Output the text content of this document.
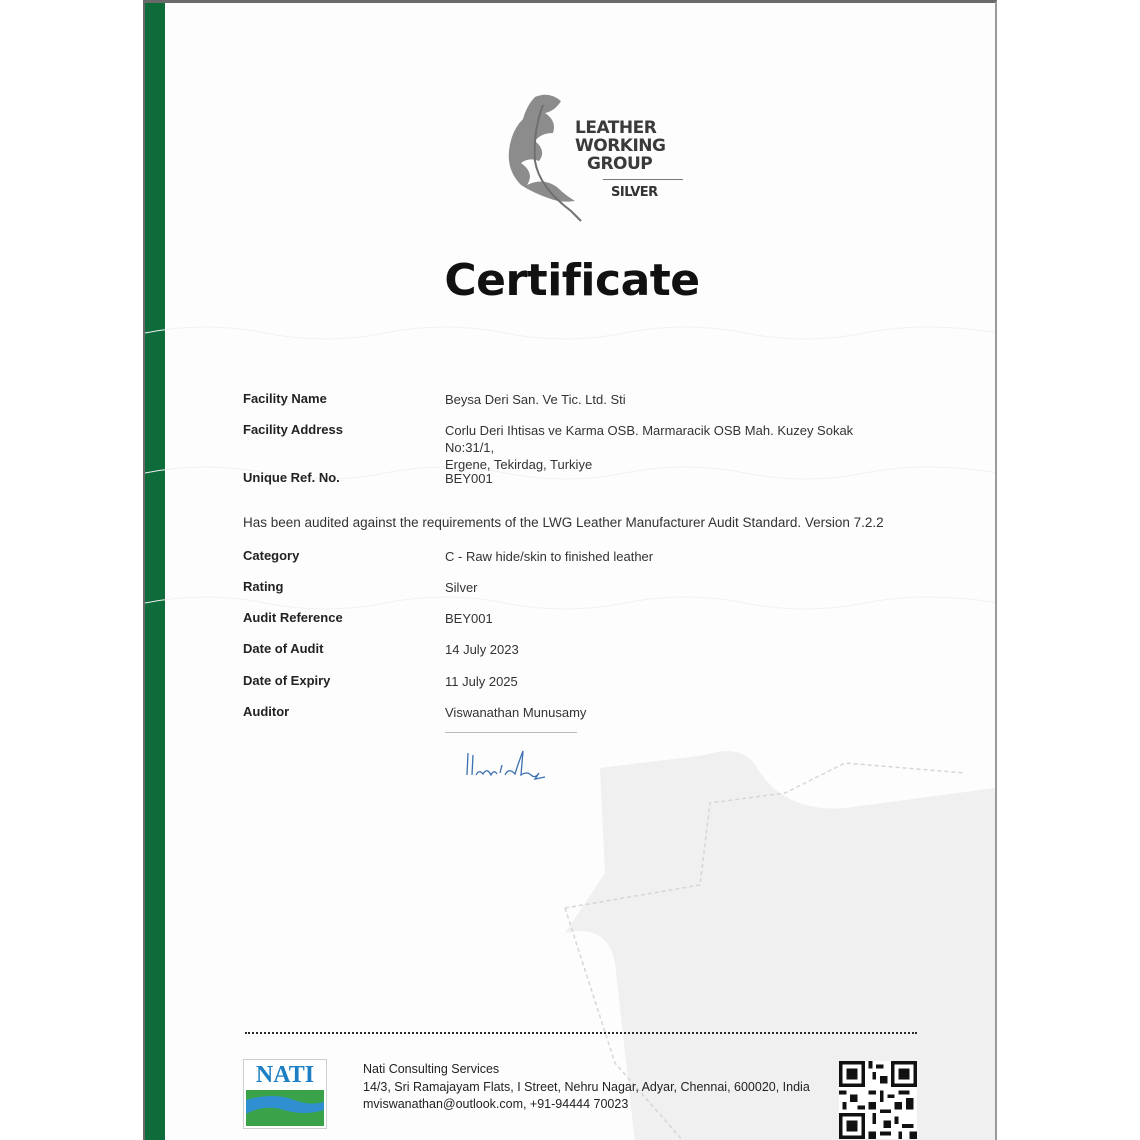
LEATHER
WORKING
GROUP
SILVER
Certificate
Facility Name	Beysa Deri San. Ve Tic. Ltd. Sti
Facility Address	Corlu Deri Ihtisas ve Karma OSB. Marmaracik OSB Mah. Kuzey Sokak No:31/1,
Ergene, Tekirdag, Turkiye
Unique Ref. No.	BEY001
Has been audited against the requirements of the LWG Leather Manufacturer Audit Standard. Version 7.2.2
Category	C - Raw hide/skin to finished leather
Rating	Silver
Audit Reference	BEY001
Date of Audit	14 July 2023
Date of Expiry	11 July 2025
Auditor	Viswanathan Munusamy
NATI	Nati Consulting Services
14/3, Sri Ramajayam Flats, I Street, Nehru Nagar, Adyar, Chennai, 600020, India
mviswanathan@outlook.com, +91-94444 70023
